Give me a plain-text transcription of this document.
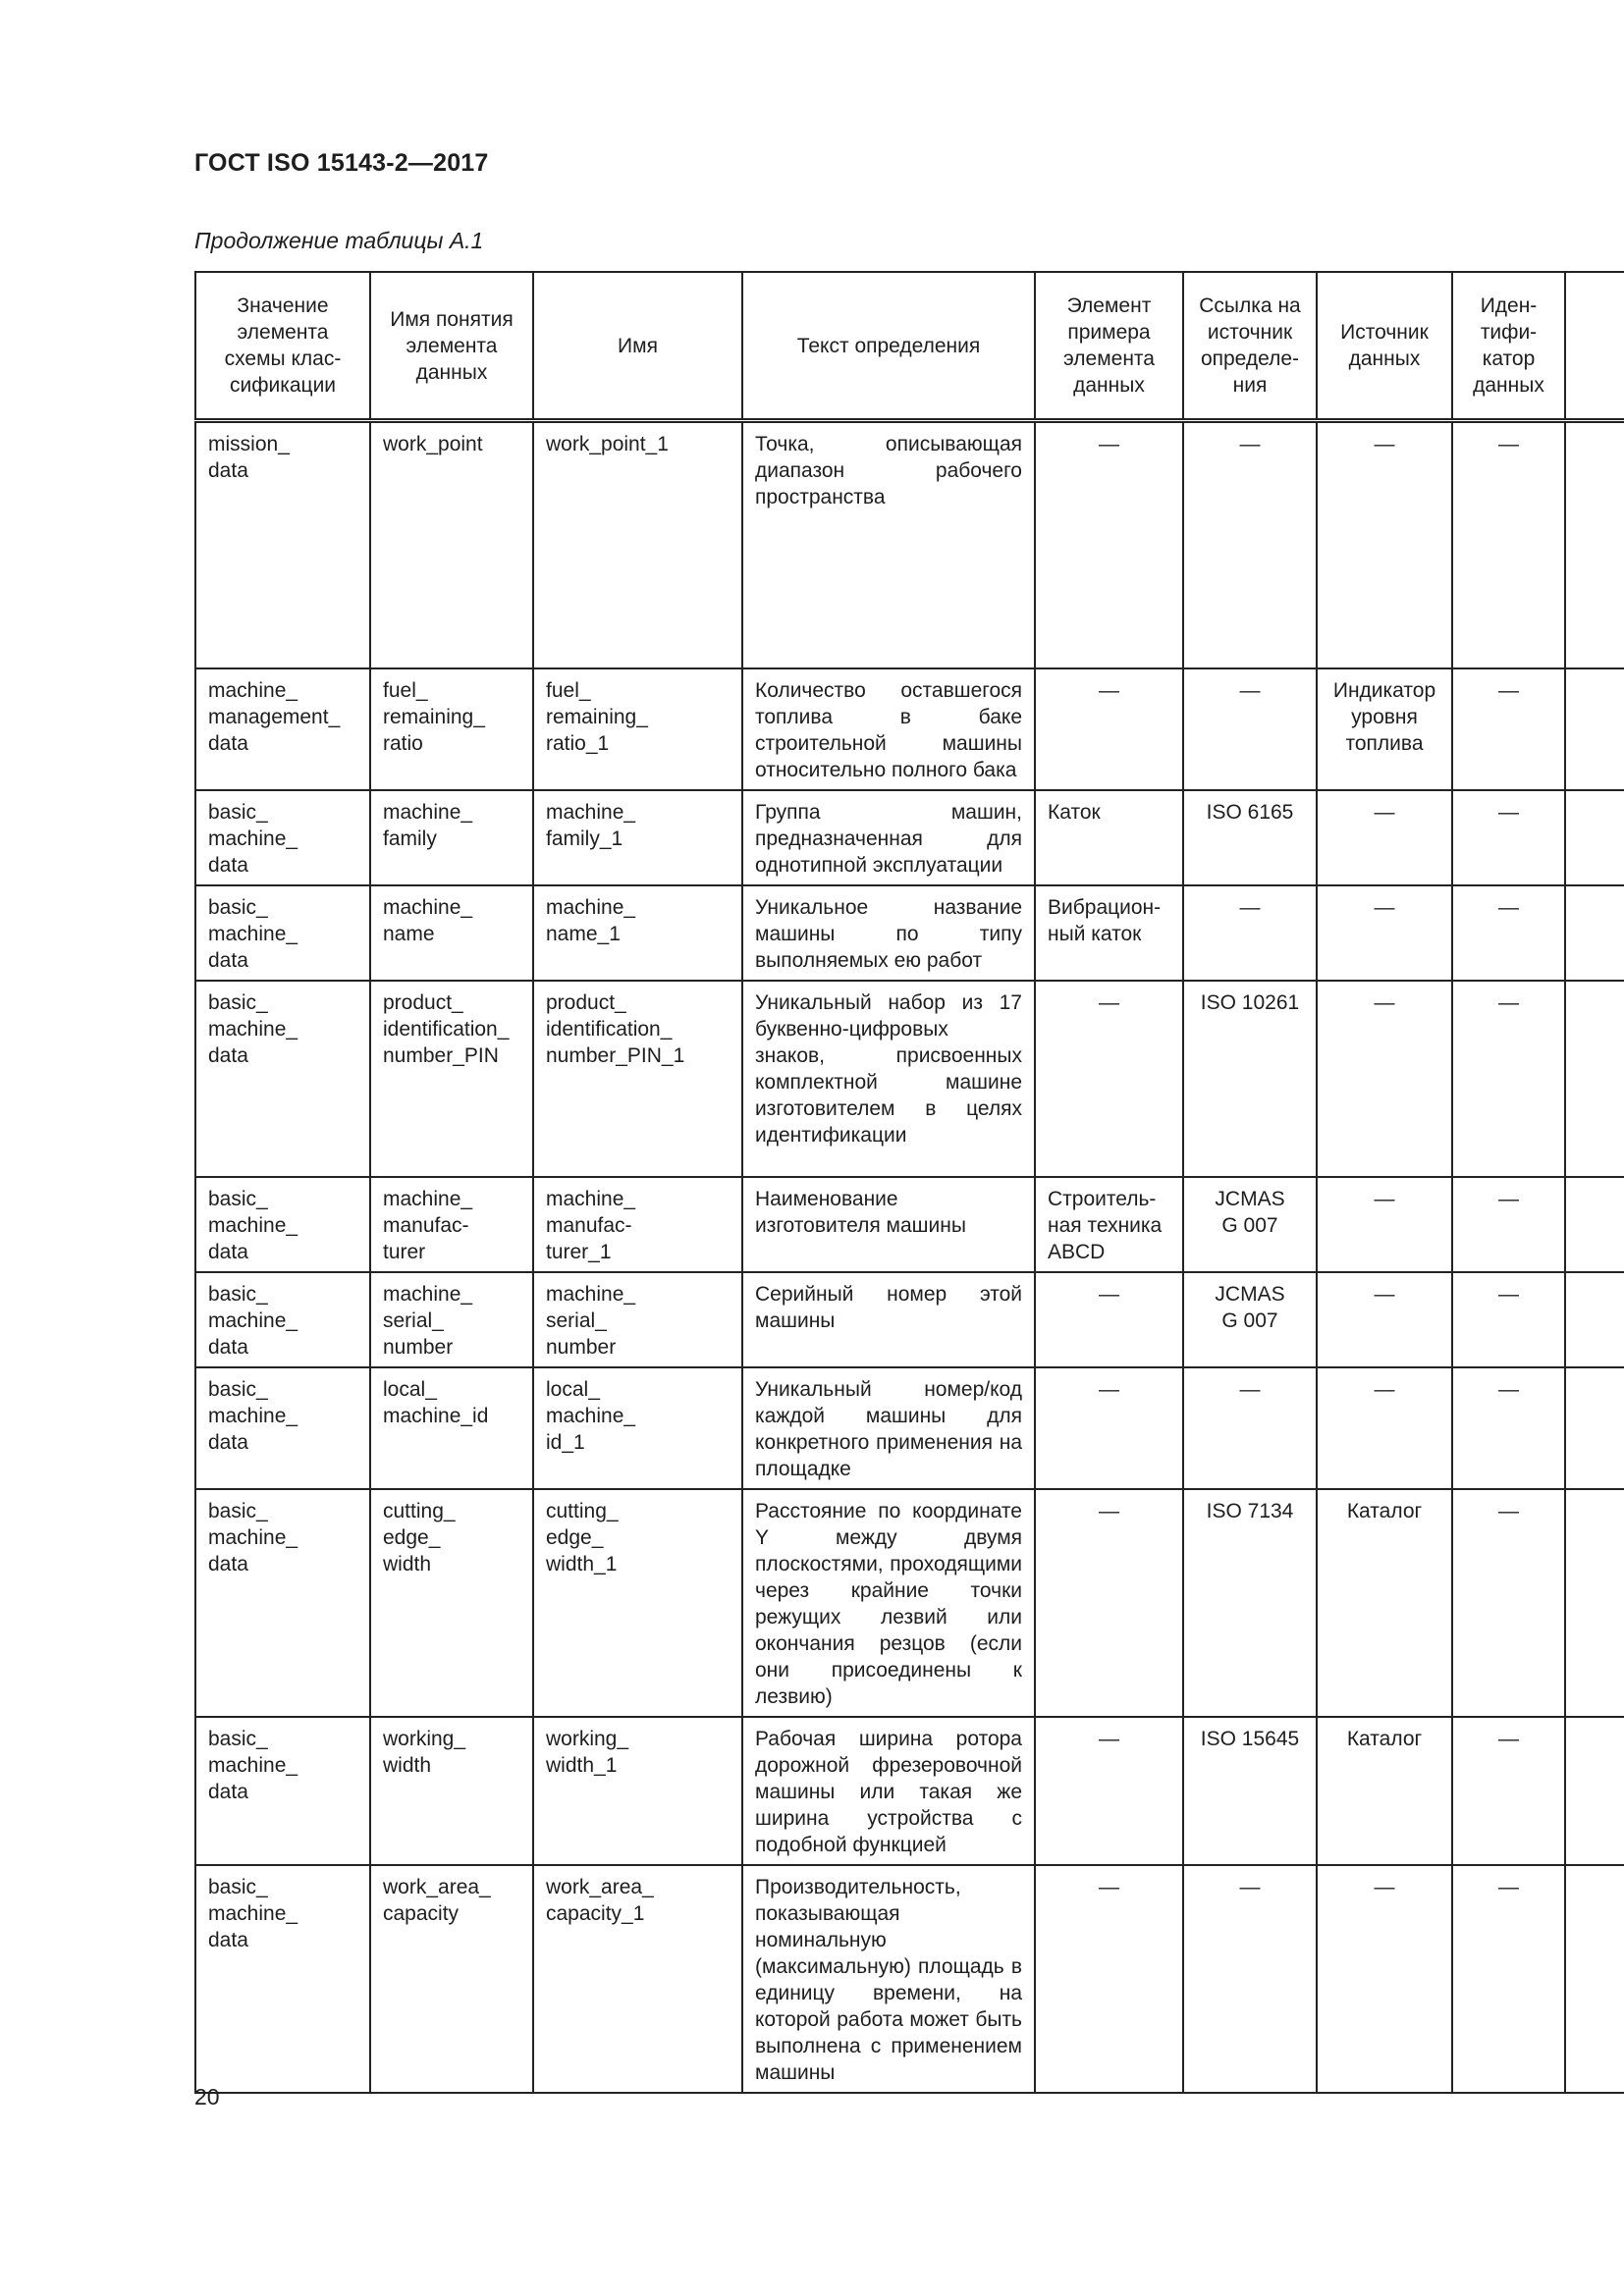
ГОСТ ISO 15143-2—2017
Продолжение таблицы А.1
Значение
элемента
схемы клас-
сификации	Имя понятия
элемента
данных	Имя	Текст определения	Элемент
примера
элемента
данных	Ссылка на
источник
определе-
ния	Источник
данных	Иден-
тифи-
катор
данных	

mission_
data	work_point	work_point_1	Точка, описывающая диапазон рабочего пространства	—	—	—	—	

machine_
management_
data	fuel_
remaining_
ratio	fuel_
remaining_
ratio_1	Количество оставшегося топлива в баке строительной машины относительно полного бака	—	—	Индикатор
уровня
топлива	—	

basic_
machine_
data	machine_
family	machine_
family_1	Группа машин, предназначенная для однотипной эксплуатации	Каток	ISO 6165	—	—	

basic_
machine_
data	machine_
name	machine_
name_1	Уникальное название машины по типу выполняемых ею работ	Вибрацион-
ный каток	—	—	—	

basic_
machine_
data	product_
identification_
number_PIN	product_
identification_
number_PIN_1	Уникальный набор из 17 буквенно-цифровых знаков, присвоенных комплектной машине изготовителем в целях идентификации	—	ISO 10261	—	—	

basic_
machine_
data	machine_
manufac-
turer	machine_
manufac-
turer_1	Наименование изготовителя машины	Строитель-
ная техника
ABCD	JCMAS
G 007	—	—	

basic_
machine_
data	machine_
serial_
number	machine_
serial_
number	Серийный номер этой машины	—	JCMAS
G 007	—	—	

basic_
machine_
data	local_
machine_id	local_
machine_
id_1	Уникальный номер/код каждой машины для конкретного применения на площадке	—	—	—	—	

basic_
machine_
data	cutting_
edge_
width	cutting_
edge_
width_1	Расстояние по координате Y между двумя плоскостями, проходящими через крайние точки режущих лезвий или окончания резцов (если они присоединены к лезвию)	—	ISO 7134	Каталог	—	

basic_
machine_
data	working_
width	working_
width_1	Рабочая ширина ротора дорожной фрезеровочной машины или такая же ширина устройства с подобной функцией	—	ISO 15645	Каталог	—	

basic_
machine_
data	work_area_
capacity	work_area_
capacity_1	Производительность, показывающая номинальную (максимальную) площадь в единицу времени, на которой работа может быть выполнена с применением машины	—	—	—	—	

20
